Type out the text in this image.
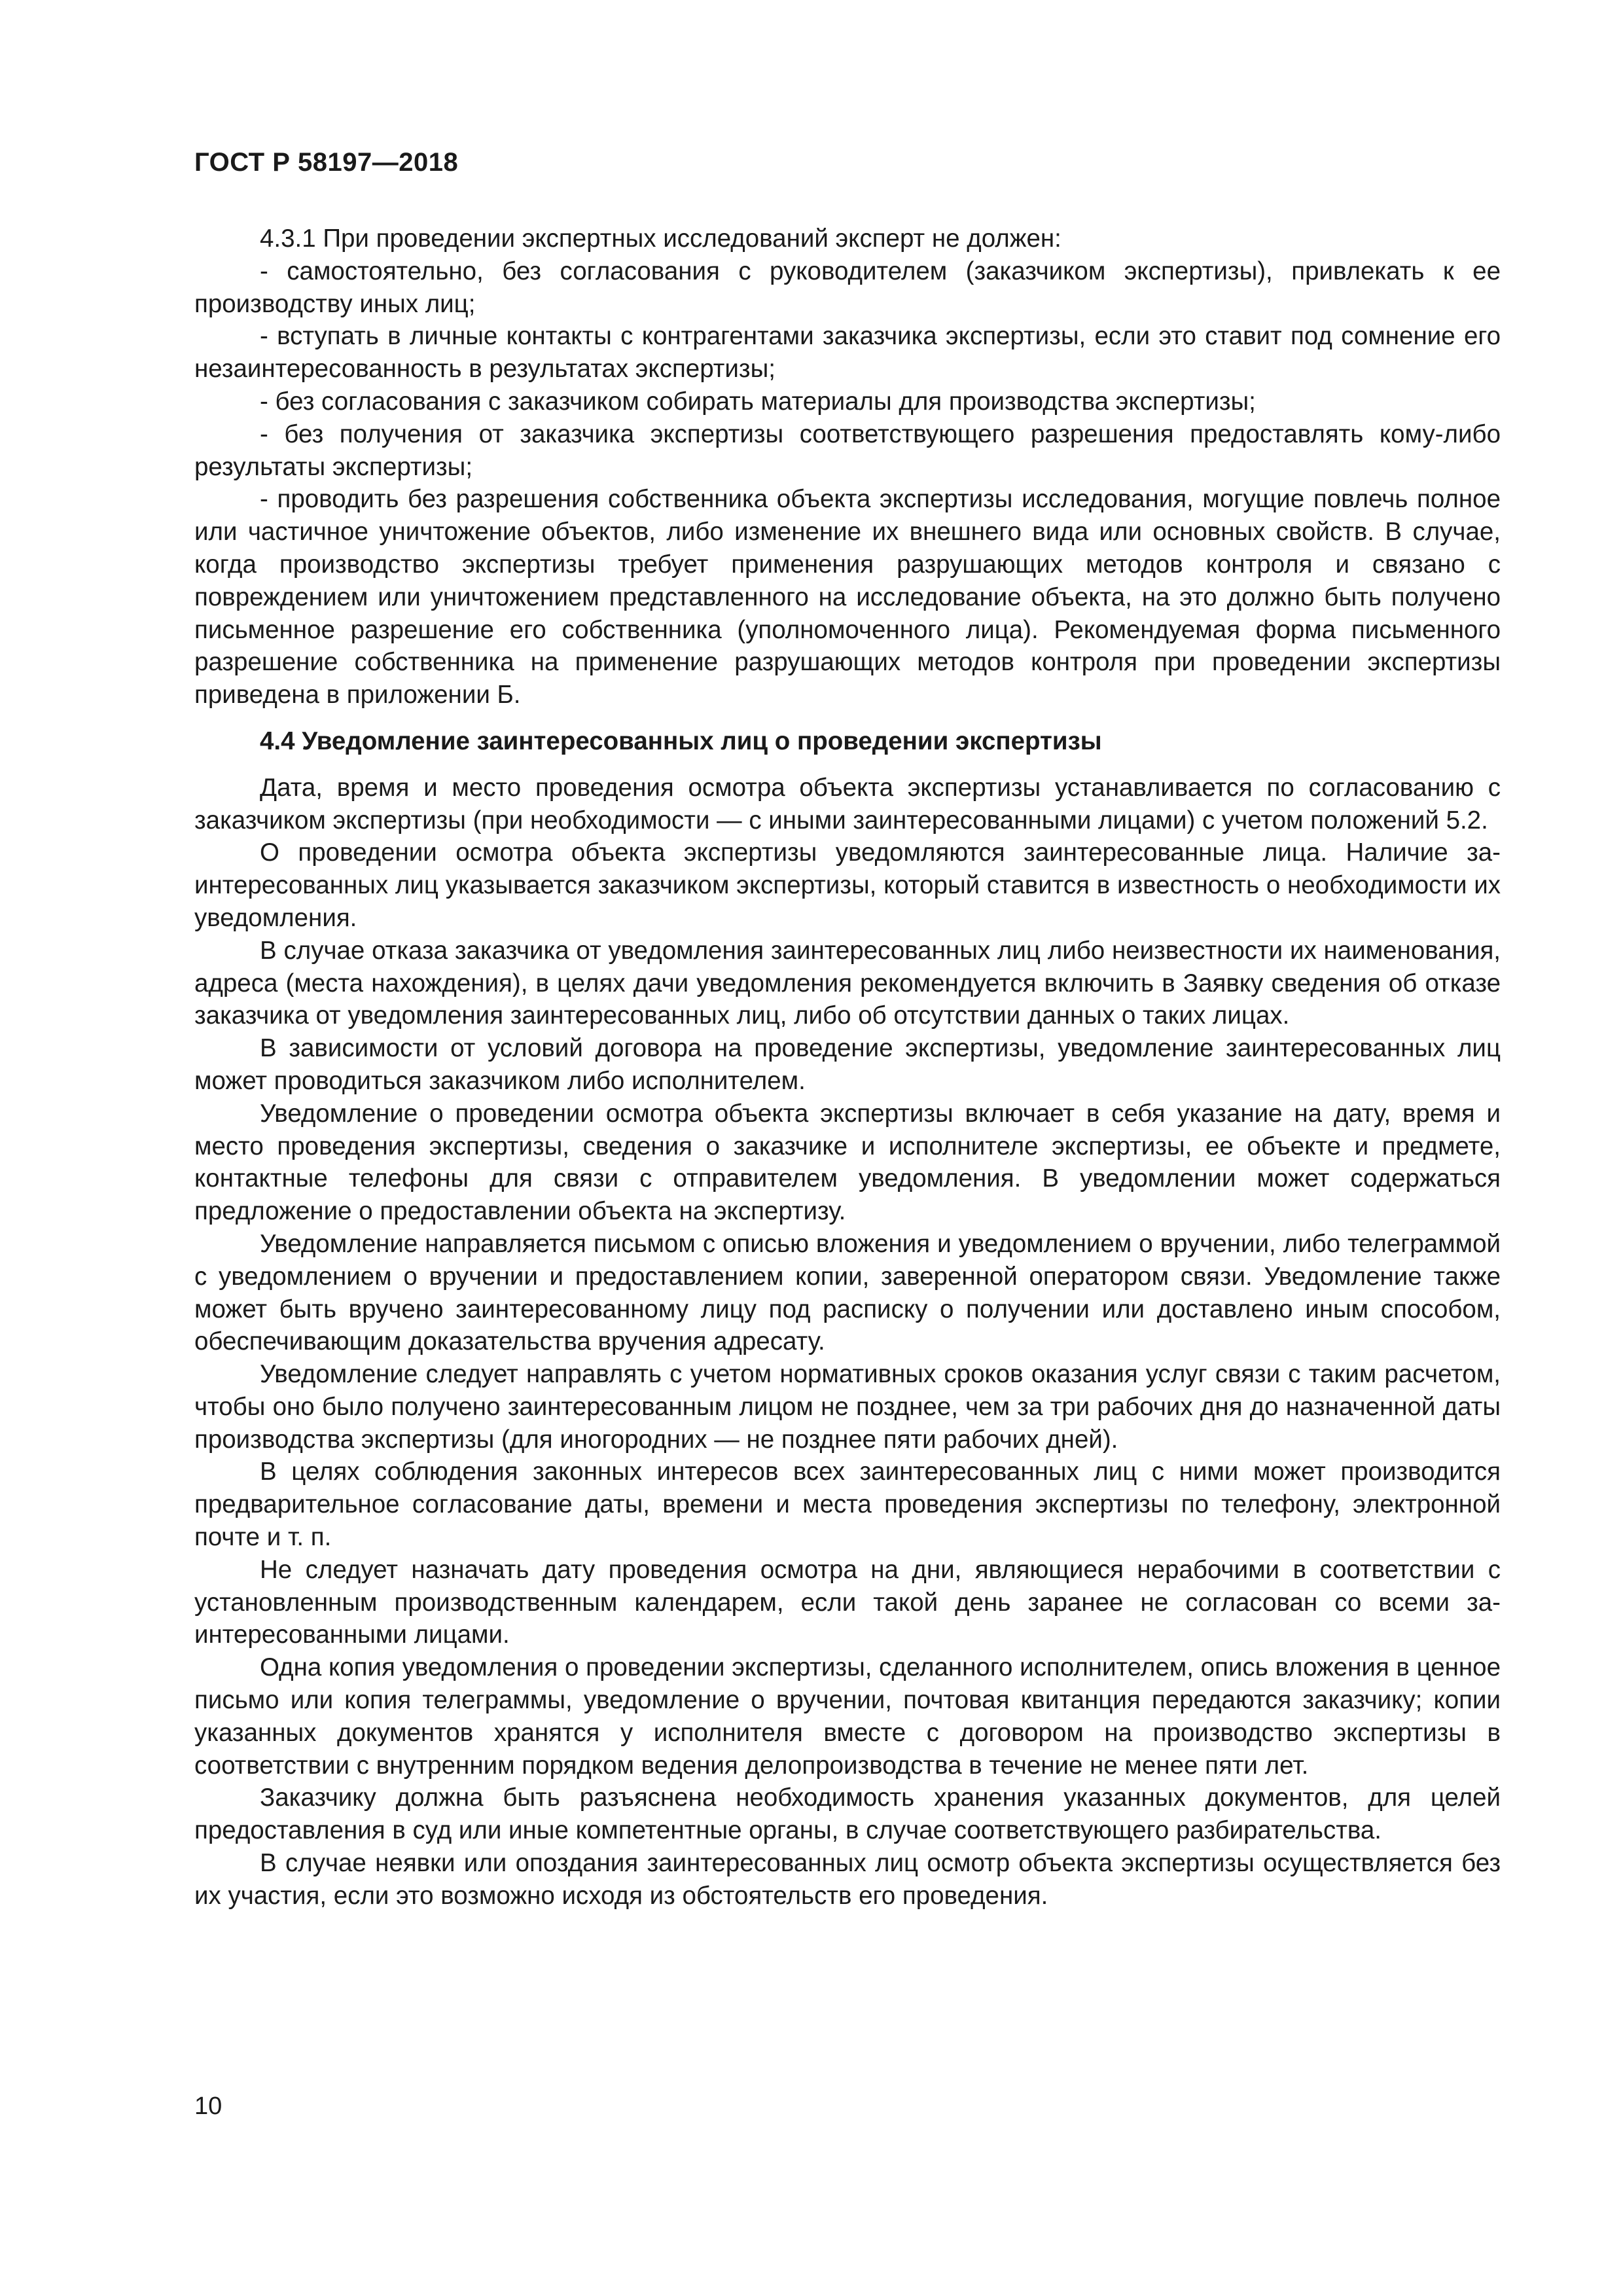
ГОСТ Р 58197—2018

4.3.1 При проведении экспертных исследований эксперт не должен:

- самостоятельно, без согласования с руководителем (заказчиком экспертизы), привлекать к ее производству иных лиц;

- вступать в личные контакты с контрагентами заказчика экспертизы, если это ставит под сомнение его незаинтересованность в результатах экспертизы;

- без согласования с заказчиком собирать материалы для производства экспертизы;

- без получения от заказчика экспертизы соответствующего разрешения предоставлять кому-либо результаты экспертизы;

- проводить без разрешения собственника объекта экспертизы исследования, могущие повлечь полное или частичное уничтожение объектов, либо изменение их внешнего вида или основных свойств. В случае, когда производство экспертизы требует применения разрушающих методов контроля и связано с повреждением или уничтожением представленного на исследование объекта, на это должно быть получено письменное разрешение его собственника (уполномоченного лица). Рекомендуемая форма письменного разрешение собственника на применение разрушающих методов контроля при проведении экспертизы приведена в приложении Б.

4.4 Уведомление заинтересованных лиц о проведении экспертизы

Дата, время и место проведения осмотра объекта экспертизы устанавливается по согласованию с заказчиком экспертизы (при необходимости — с иными заинтересованными лицами) с учетом положений 5.2.

О проведении осмотра объекта экспертизы уведомляются заинтересованные лица. Наличие заинтересованных лиц указывается заказчиком экспертизы, который ставится в известность о необходимости их уведомления.

В случае отказа заказчика от уведомления заинтересованных лиц либо неизвестности их наименования, адреса (места нахождения), в целях дачи уведомления рекомендуется включить в Заявку сведения об отказе заказчика от уведомления заинтересованных лиц, либо об отсутствии данных о таких лицах.

В зависимости от условий договора на проведение экспертизы, уведомление заинтересованных лиц может проводиться заказчиком либо исполнителем.

Уведомление о проведении осмотра объекта экспертизы включает в себя указание на дату, время и место проведения экспертизы, сведения о заказчике и исполнителе экспертизы, ее объекте и предмете, контактные телефоны для связи с отправителем уведомления. В уведомлении может содержаться предложение о предоставлении объекта на экспертизу.

Уведомление направляется письмом с описью вложения и уведомлением о вручении, либо телеграммой с уведомлением о вручении и предоставлением копии, заверенной оператором связи. Уведомление также может быть вручено заинтересованному лицу под расписку о получении или доставлено иным способом, обеспечивающим доказательства вручения адресату.

Уведомление следует направлять с учетом нормативных сроков оказания услуг связи с таким расчетом, чтобы оно было получено заинтересованным лицом не позднее, чем за три рабочих дня до назначенной даты производства экспертизы (для иногородних — не позднее пяти рабочих дней).

В целях соблюдения законных интересов всех заинтересованных лиц с ними может производится предварительное согласование даты, времени и места проведения экспертизы по телефону, электронной почте и т. п.

Не следует назначать дату проведения осмотра на дни, являющиеся нерабочими в соответствии с установленным производственным календарем, если такой день заранее не согласован со всеми заинтересованными лицами.

Одна копия уведомления о проведении экспертизы, сделанного исполнителем, опись вложения в ценное письмо или копия телеграммы, уведомление о вручении, почтовая квитанция передаются заказчику; копии указанных документов хранятся у исполнителя вместе с договором на производство экспертизы в соответствии с внутренним порядком ведения делопроизводства в течение не менее пяти лет.

Заказчику должна быть разъяснена необходимость хранения указанных документов, для целей предоставления в суд или иные компетентные органы, в случае соответствующего разбирательства.

В случае неявки или опоздания заинтересованных лиц осмотр объекта экспертизы осуществляется без их участия, если это возможно исходя из обстоятельств его проведения.

10
